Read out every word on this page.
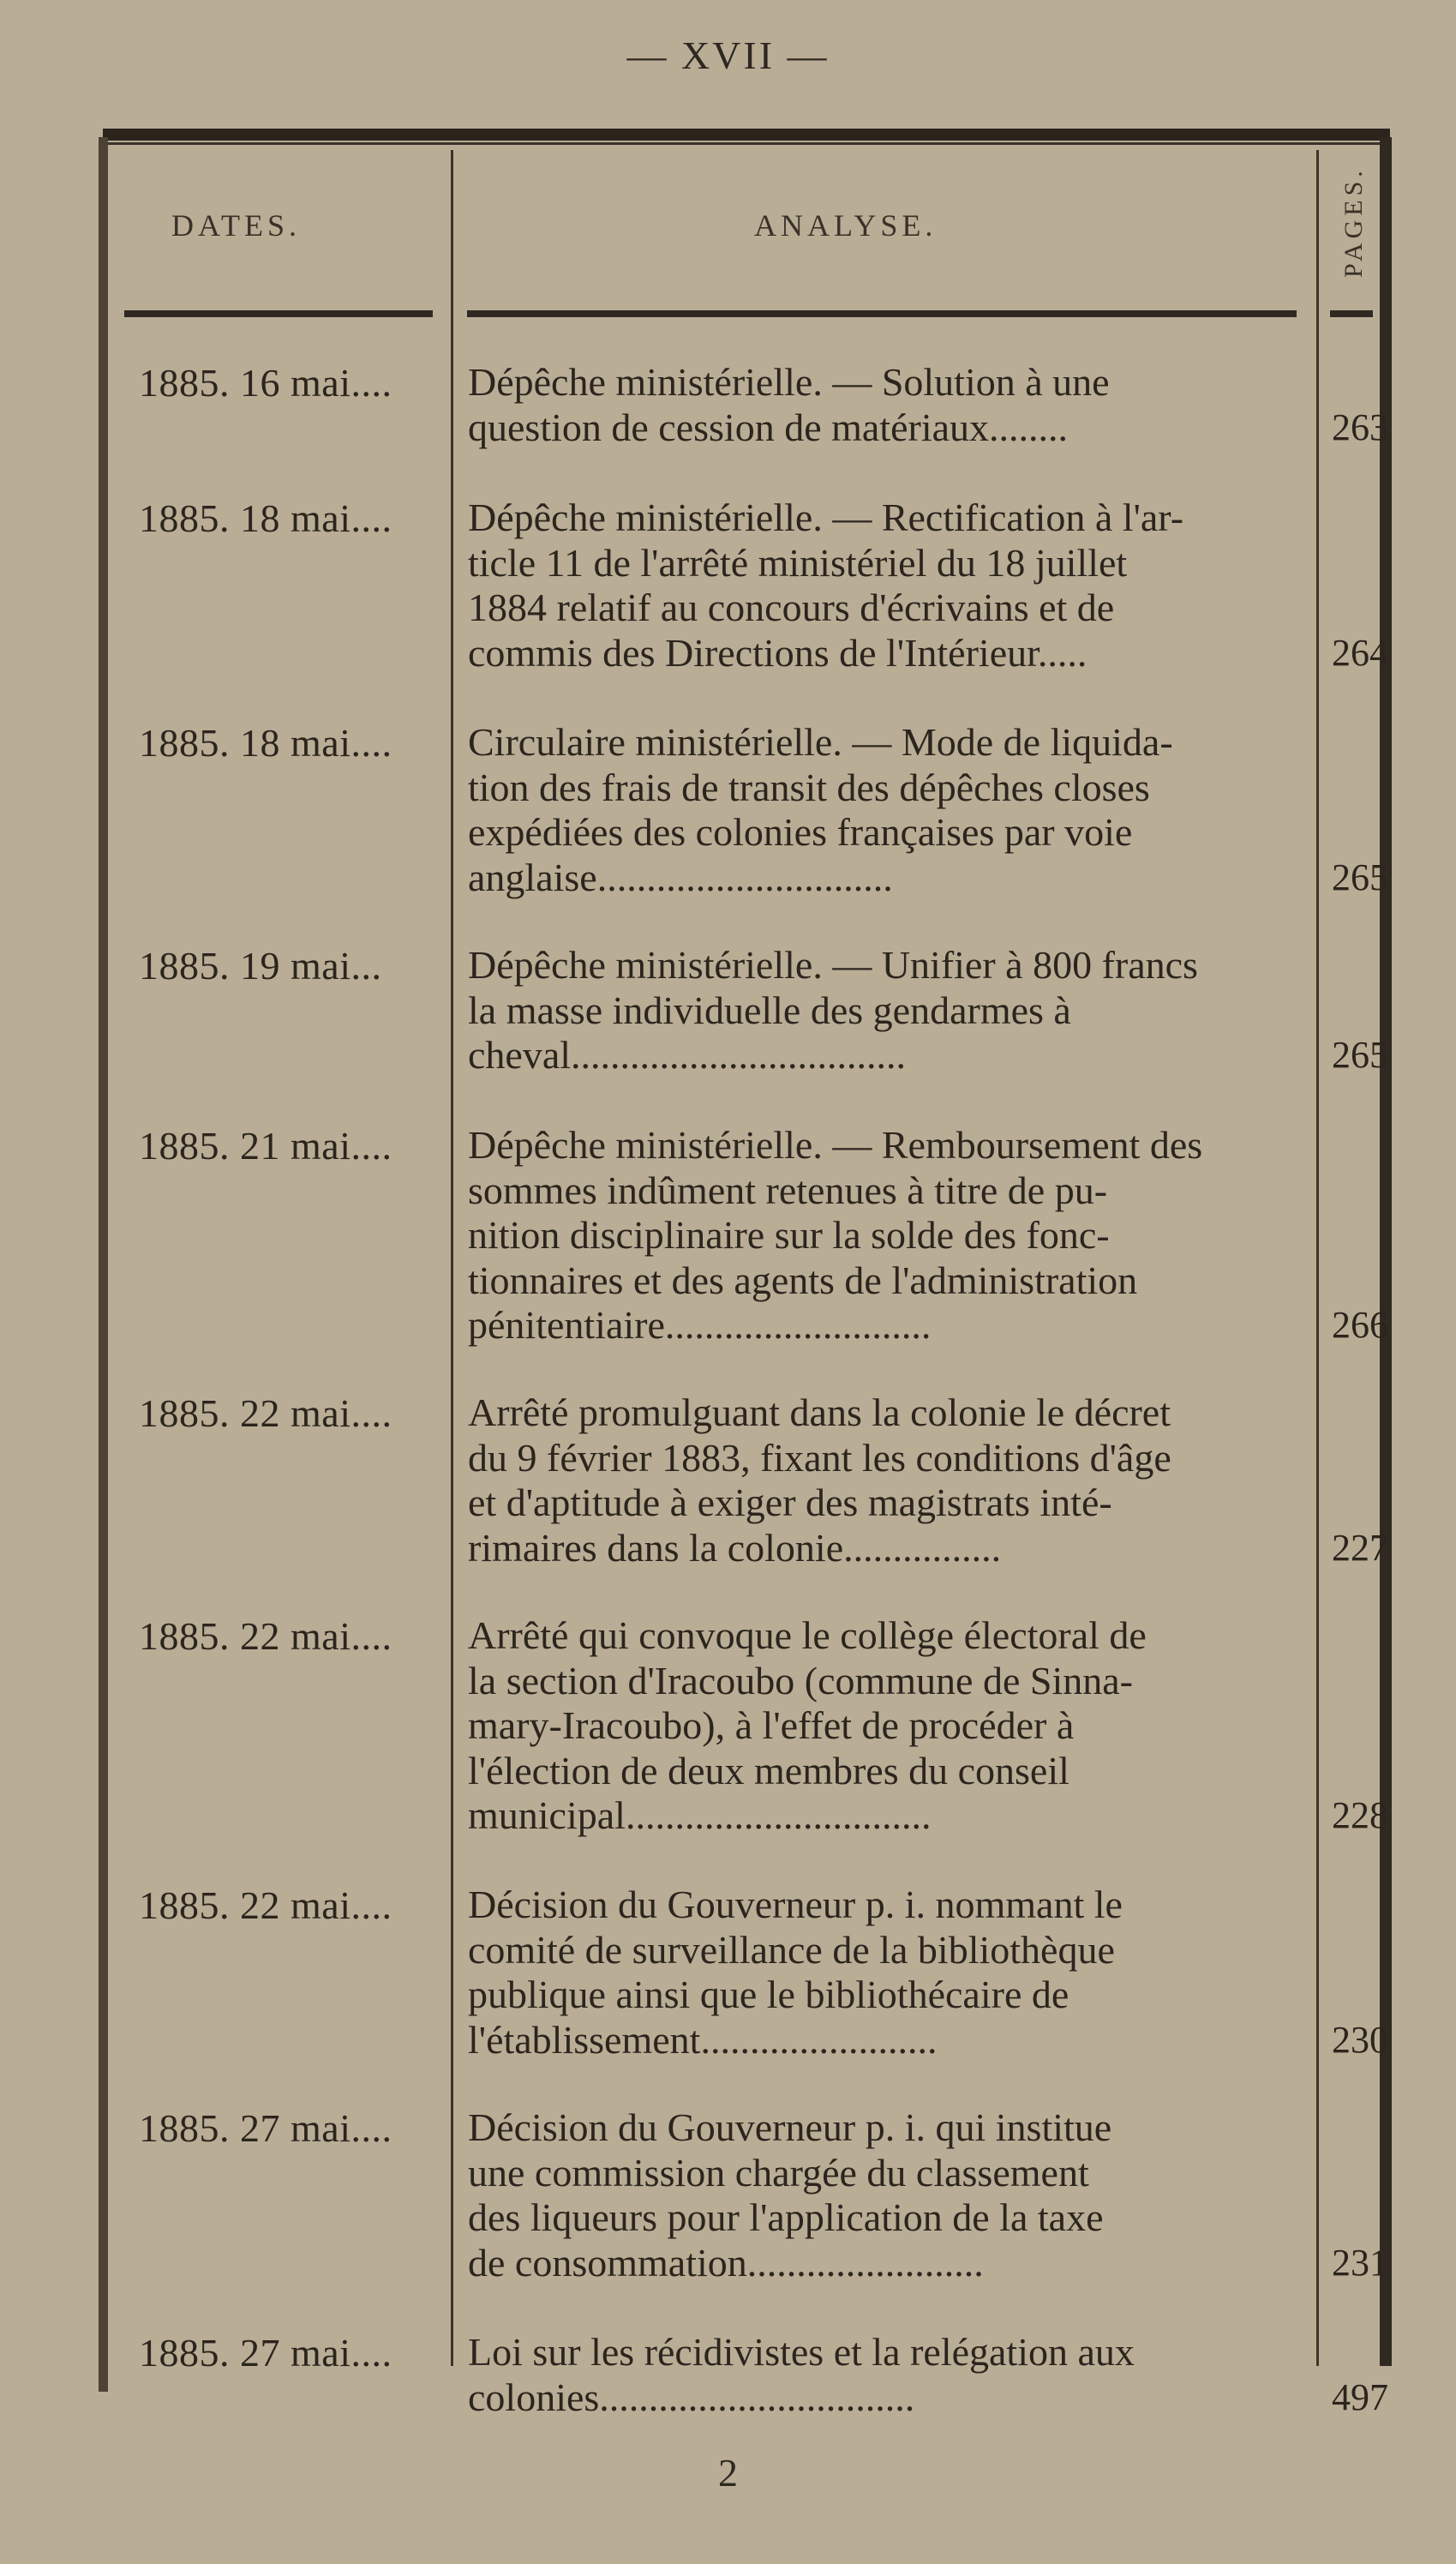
— XVII —
DATES.	ANALYSE.	PAGES.
1885. 16 mai.... Dépêche ministérielle. — Solution à une
question de cession de matériaux........	263
1885. 18 mai.... Dépêche ministérielle. — Rectification à l'ar-
ticle 11 de l'arrêté ministériel du 18 juillet
1884 relatif au concours d'écrivains et de
commis des Directions de l'Intérieur.....	264
1885. 18 mai.... Circulaire ministérielle. — Mode de liquida-
tion des frais de transit des dépêches closes
expédiées des colonies françaises par voie
anglaise..............................	265
1885. 19 mai... Dépêche ministérielle. — Unifier à 800 francs
la masse individuelle des gendarmes à
cheval..................................	265
1885. 21 mai.... Dépêche ministérielle. — Remboursement des
sommes indûment retenues à titre de pu-
nition disciplinaire sur la solde des fonc-
tionnaires et des agents de l'administration
pénitentiaire...........................	266
1885. 22 mai.... Arrêté promulguant dans la colonie le décret
du 9 février 1883, fixant les conditions d'âge
et d'aptitude à exiger des magistrats inté-
rimaires dans la colonie................	227
1885. 22 mai.... Arrêté qui convoque le collège électoral de
la section d'Iracoubo (commune de Sinna-
mary-Iracoubo), à l'effet de procéder à
l'élection de deux membres du conseil
municipal...............................	228
1885. 22 mai.... Décision du Gouverneur p. i. nommant le
comité de surveillance de la bibliothèque
publique ainsi que le bibliothécaire de
l'établissement........................	230
1885. 27 mai.... Décision du Gouverneur p. i. qui institue
une commission chargée du classement
des liqueurs pour l'application de la taxe
de consommation........................	231
1885. 27 mai.... Loi sur les récidivistes et la relégation aux
colonies................................	497
2
